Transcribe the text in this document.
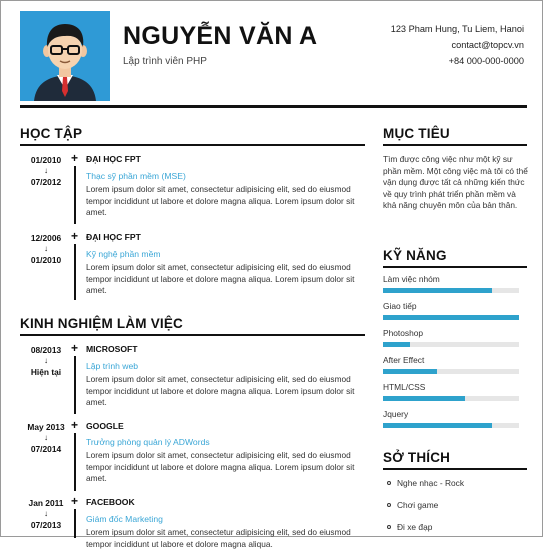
NGUYỄN VĂN A
Lập trình viên PHP
123 Pham Hung, Tu Liem, Hanoi
contact@topcv.vn
+84 000-000-0000
HỌC TẬP
01/2010
↓
07/2012
+ ĐẠI HỌC FPT
Thạc sỹ phần mềm (MSE)
Lorem ipsum dolor sit amet, consectetur adipisicing elit, sed do eiusmod tempor incididunt ut labore et dolore magna aliqua. Lorem ipsum dolor sit amet.
12/2006
↓
01/2010
+ ĐẠI HỌC FPT
Kỹ nghệ phần mềm
Lorem ipsum dolor sit amet, consectetur adipisicing elit, sed do eiusmod tempor incididunt ut labore et dolore magna aliqua. Lorem ipsum dolor sit amet.
KINH NGHIỆM LÀM VIỆC
08/2013
↓
Hiện tại
+ MICROSOFT
Lập trình web
Lorem ipsum dolor sit amet, consectetur adipisicing elit, sed do eiusmod tempor incididunt ut labore et dolore magna aliqua. Lorem ipsum dolor sit amet.
May 2013
↓
07/2014
+ GOOGLE
Trưởng phòng quản lý ADWords
Lorem ipsum dolor sit amet, consectetur adipisicing elit, sed do eiusmod tempor incididunt ut labore et dolore magna aliqua. Lorem ipsum dolor sit amet.
Jan 2011
↓
07/2013
+ FACEBOOK
Giám đốc Marketing
Lorem ipsum dolor sit amet, consectetur adipisicing elit, sed do eiusmod tempor incididunt ut labore et dolore magna aliqua.
MỤC TIÊU
Tìm được công việc như một kỹ sư phần mềm. Một công việc mà tôi có thể vận dụng được tất cả những kiến thức về quy trình phát triển phần mềm và khả năng chuyên môn của bản thân.
KỸ NĂNG
Làm việc nhóm
Giao tiếp
Photoshop
After Effect
HTML/CSS
Jquery
SỞ THÍCH
Nghe nhạc - Rock
Chơi game
Đi xe đạp
